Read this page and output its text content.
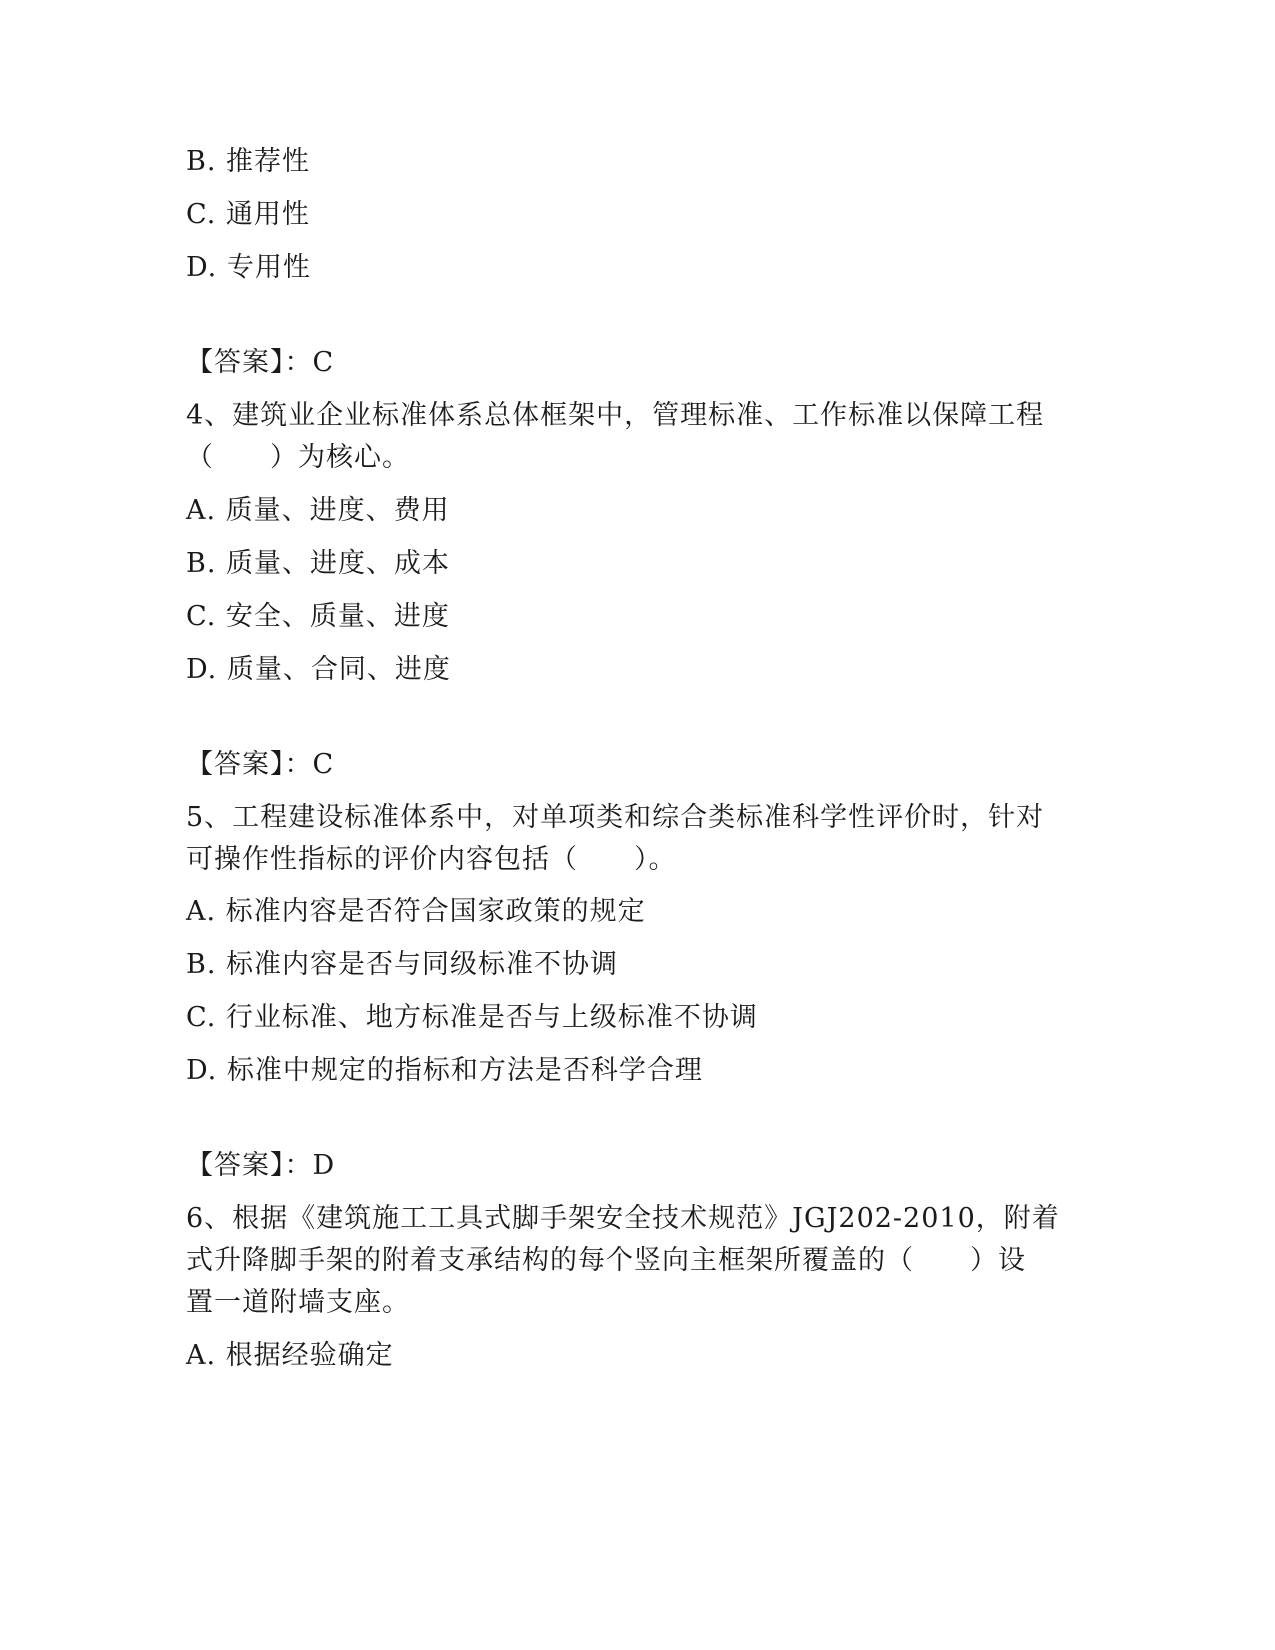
B. 推荐性
C. 通用性
D. 专用性
【答案】：C
4、建筑业企业标准体系总体框架中，管理标准、工作标准以保障工程
（　　）为核心。
A. 质量、进度、费用
B. 质量、进度、成本
C. 安全、质量、进度
D. 质量、合同、进度
【答案】：C
5、工程建设标准体系中，对单项类和综合类标准科学性评价时，针对
可操作性指标的评价内容包括（　　）。
A. 标准内容是否符合国家政策的规定
B. 标准内容是否与同级标准不协调
C. 行业标准、地方标准是否与上级标准不协调
D. 标准中规定的指标和方法是否科学合理
【答案】：D
6、根据《建筑施工工具式脚手架安全技术规范》JGJ202-2010，附着
式升降脚手架的附着支承结构的每个竖向主框架所覆盖的（　　）设
置一道附墙支座。
A. 根据经验确定
